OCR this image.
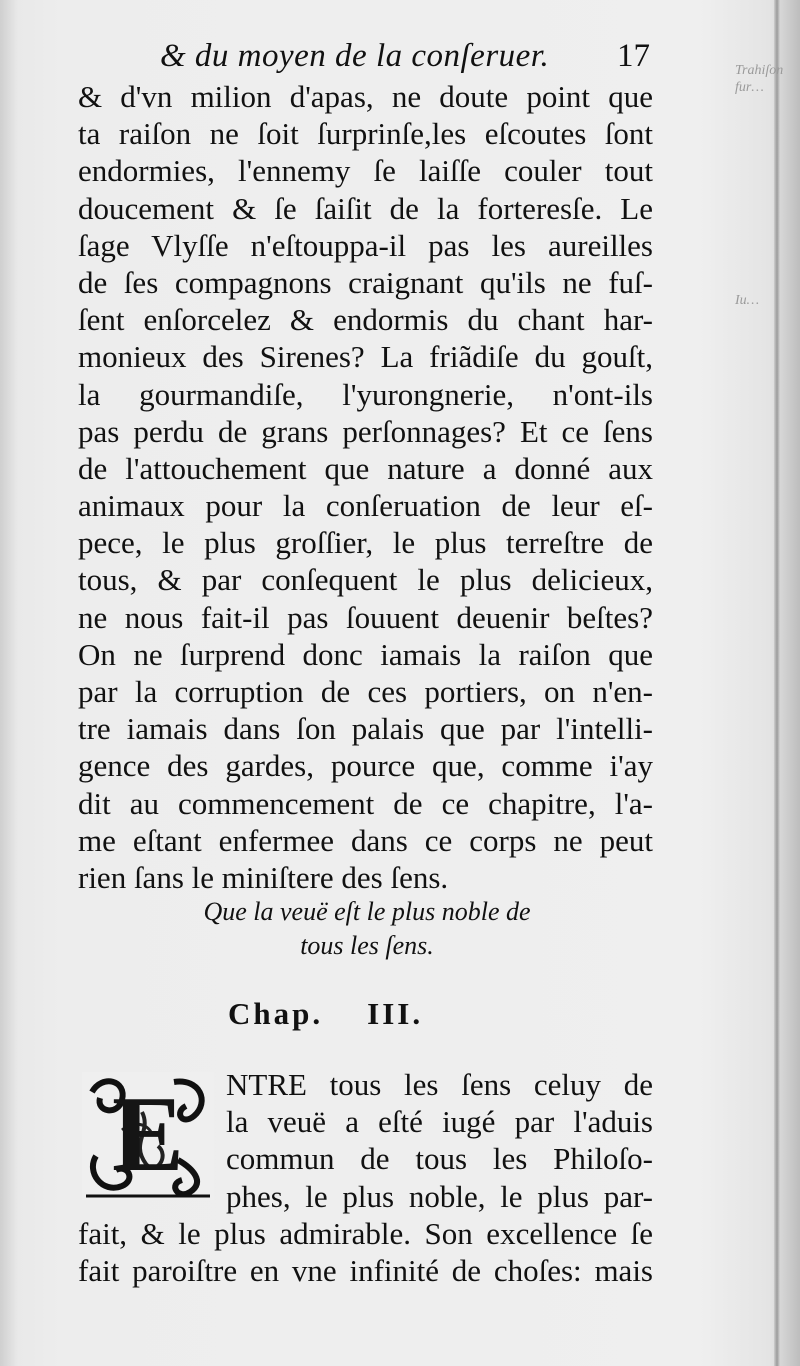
Trahiſon
fur…
Iu…
& du moyen de la conſeruer. 17
& d'vn milion d'apas, ne doute point que
ta raiſon ne ſoit ſurprinſe,les eſcoutes ſont
endormies, l'ennemy ſe laiſſe couler tout
doucement & ſe ſaiſit de la forteresſe. Le
ſage Vlyſſe n'eſtouppa-il pas les aureilles
de ſes compagnons craignant qu'ils ne fuſ-
ſent enſorcelez & endormis du chant har-
monieux des Sirenes? La friãdiſe du gouſt,
la gourmandiſe, l'yurongnerie, n'ont-ils
pas perdu de grans perſonnages? Et ce ſens
de l'attouchement que nature a donné aux
animaux pour la conſeruation de leur eſ-
pece, le plus groſſier, le plus terreſtre de
tous, & par conſequent le plus delicieux,
ne nous fait-il pas ſouuent deuenir beſtes?
On ne ſurprend donc iamais la raiſon que
par la corruption de ces portiers, on n'en-
tre iamais dans ſon palais que par l'intelli-
gence des gardes, pource que, comme i'ay
dit au commencement de ce chapitre, l'a-
me eſtant enfermee dans ce corps ne peut
rien ſans le miniſtere des ſens.
Que la veuë eſt le plus noble de
tous les ſens.
Chap. III.
E NTRE tous les ſens celuy de
la veuë a eſté iugé par l'aduis
commun de tous les Philoſo-
phes, le plus noble, le plus par-
fait, & le plus admirable. Son excellence ſe
fait paroiſtre en vne infinité de choſes: mais
